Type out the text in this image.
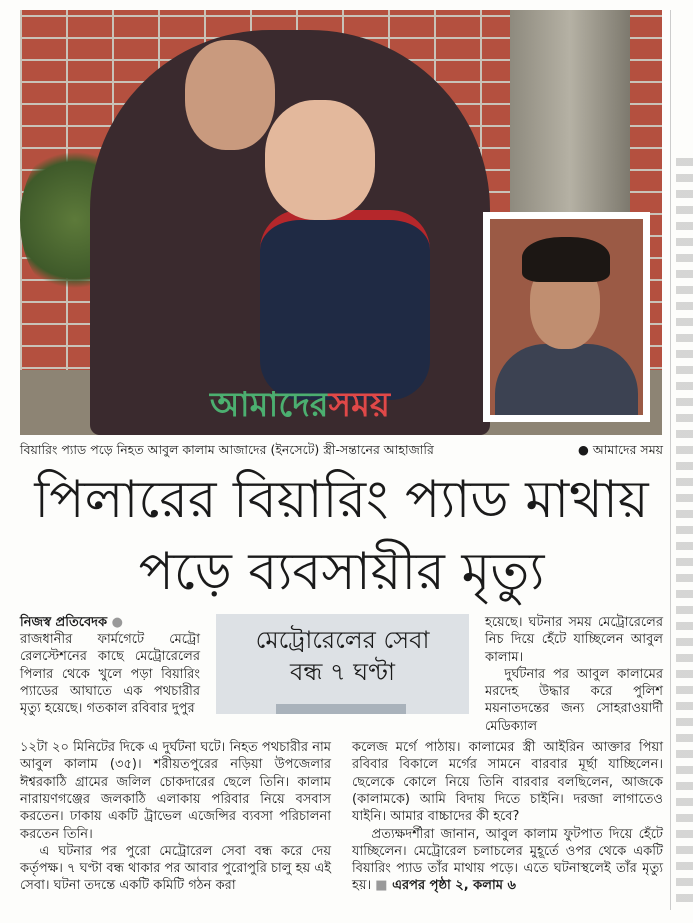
আমাদেরসময়
বিয়ারিং প্যাড পড়ে নিহত আবুল কালাম আজাদের (ইনসেটে) স্ত্রী-সন্তানের আহাজারি	● আমাদের সময়
পিলারের বিয়ারিং প্যাড মাথায়
পড়ে ব্যবসায়ীর মৃত্যু
নিজস্ব প্রতিবেদক ●

রাজধানীর ফার্মগেটে মেট্রো রেলস্টেশনের কাছে মেট্রোরেলের পিলার থেকে খুলে পড়া বিয়ারিং প্যাডের আঘাতে এক পথচারীর মৃত্যু হয়েছে। গতকাল রবিবার দুপুর

মেট্রোরেলের সেবা
বন্ধ ৭ ঘণ্টা

হয়েছে। ঘটনার সময় মেট্রোরেলের নিচ দিয়ে হেঁটে যাচ্ছিলেন আবুল কালাম।

দুর্ঘটনার পর আবুল কালামের মরদেহ উদ্ধার করে পুলিশ ময়নাতদন্তের জন্য সোহরাওয়ার্দী মেডিক্যাল

১২টা ২০ মিনিটের দিকে এ দুর্ঘটনা ঘটে। নিহত পথচারীর নাম আবুল কালাম (৩৫)। শরীয়তপুরের নড়িয়া উপজেলার ঈশ্বরকাঠি গ্রামের জলিল চোকদারের ছেলে তিনি। কালাম নারায়ণগঞ্জের জলকাঠি এলাকায় পরিবার নিয়ে বসবাস করতেন। ঢাকায় একটি ট্রাভেল এজেন্সির ব্যবসা পরিচালনা করতেন তিনি।

এ ঘটনার পর পুরো মেট্রোরেল সেবা বন্ধ করে দেয় কর্তৃপক্ষ। ৭ ঘণ্টা বন্ধ থাকার পর আবার পুরোপুরি চালু হয় এই সেবা। ঘটনা তদন্তে একটি কমিটি গঠন করা

কলেজ মর্গে পাঠায়। কালামের স্ত্রী আইরিন আক্তার পিয়া রবিবার বিকালে মর্গের সামনে বারবার মূর্ছা যাচ্ছিলেন। ছেলেকে কোলে নিয়ে তিনি বারবার বলছিলেন, আজকে (কালামকে) আমি বিদায় দিতে চাইনি। দরজা লাগাতেও যাইনি। আমার বাচ্চাদের কী হবে?

প্রত্যক্ষদর্শীরা জানান, আবুল কালাম ফুটপাত দিয়ে হেঁটে যাচ্ছিলেন। মেট্রোরেল চলাচলের মুহূর্তে ওপর থেকে একটি বিয়ারিং প্যাড তাঁর মাথায় পড়ে। এতে ঘটনাস্থলেই তাঁর মৃত্যু হয়। ■ এরপর পৃষ্ঠা ২, কলাম ৬
